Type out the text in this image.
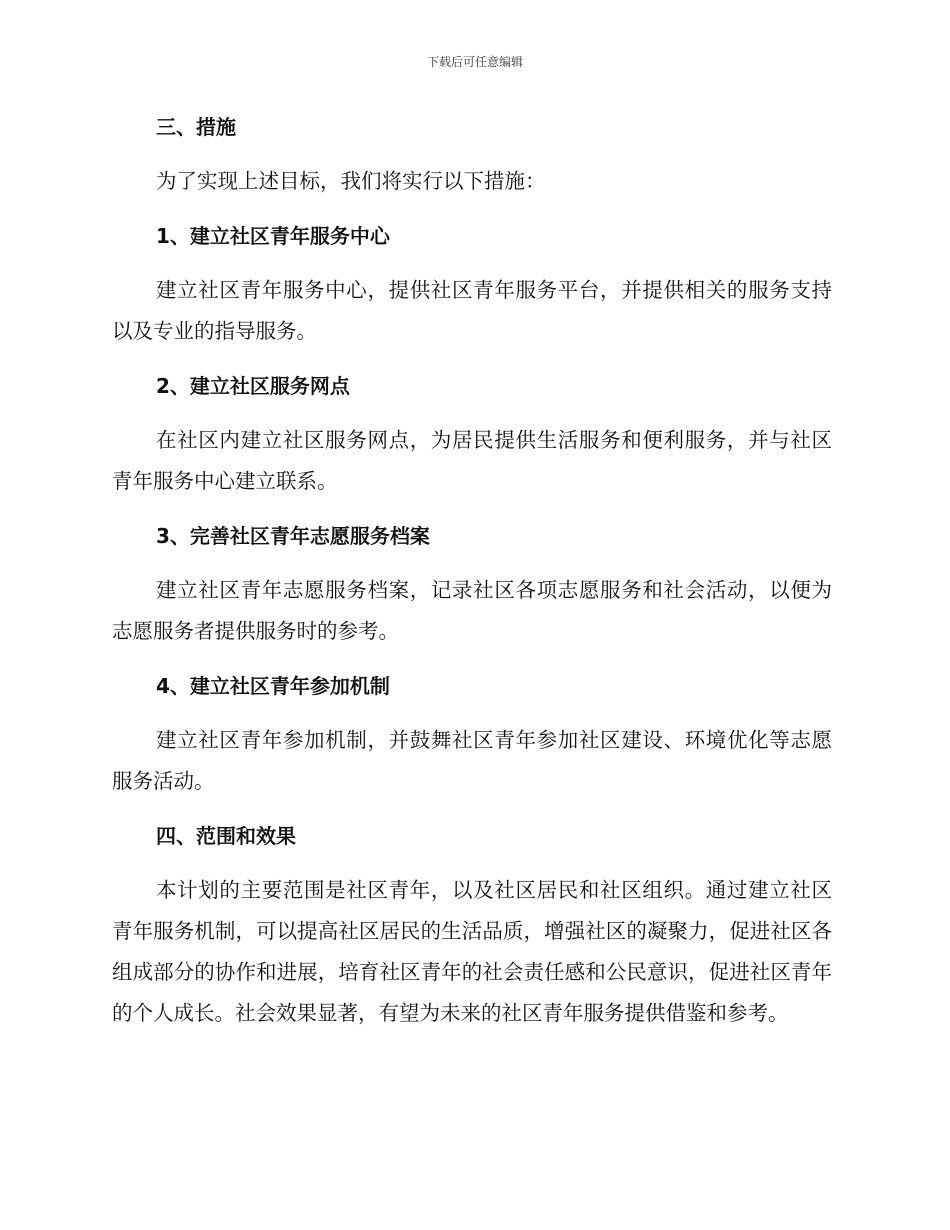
下载后可任意编辑

三、措施

为了实现上述目标，我们将实行以下措施：

1、建立社区青年服务中心

建立社区青年服务中心，提供社区青年服务平台，并提供相关的服务支持以及专业的指导服务。

2、建立社区服务网点

在社区内建立社区服务网点，为居民提供生活服务和便利服务，并与社区青年服务中心建立联系。

3、完善社区青年志愿服务档案

建立社区青年志愿服务档案，记录社区各项志愿服务和社会活动，以便为志愿服务者提供服务时的参考。

4、建立社区青年参加机制

建立社区青年参加机制，并鼓舞社区青年参加社区建设、环境优化等志愿服务活动。

四、范围和效果

本计划的主要范围是社区青年，以及社区居民和社区组织。通过建立社区青年服务机制，可以提高社区居民的生活品质，增强社区的凝聚力，促进社区各组成部分的协作和进展，培育社区青年的社会责任感和公民意识，促进社区青年的个人成长。社会效果显著，有望为未来的社区青年服务提供借鉴和参考。
